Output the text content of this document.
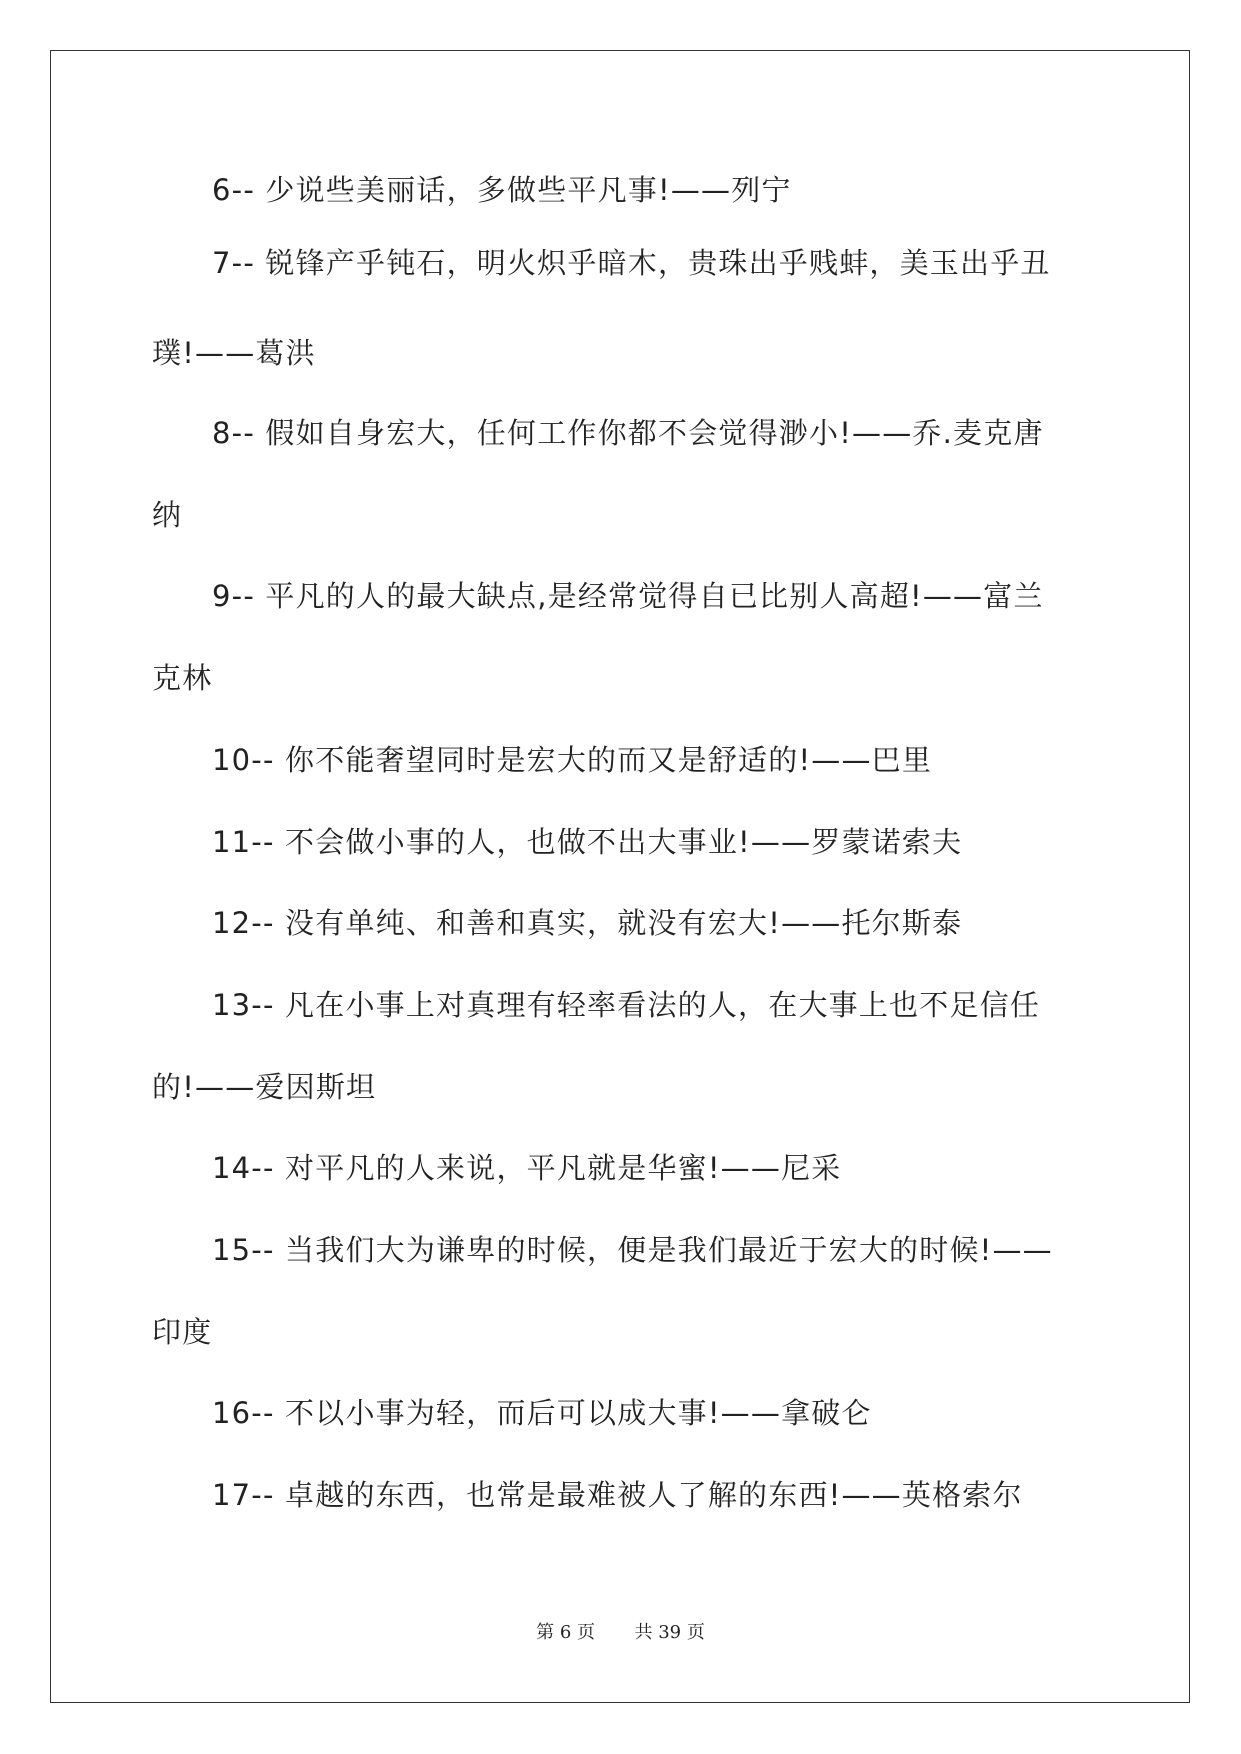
6-- 少说些美丽话，多做些平凡事!——列宁
7-- 锐锋产乎钝石，明火炽乎暗木，贵珠出乎贱蚌，美玉出乎丑
璞!——葛洪
8-- 假如自身宏大，任何工作你都不会觉得渺小!——乔.麦克唐
纳
9-- 平凡的人的最大缺点,是经常觉得自已比别人高超!——富兰
克林
10-- 你不能奢望同时是宏大的而又是舒适的!——巴里
11-- 不会做小事的人，也做不出大事业!——罗蒙诺索夫
12-- 没有单纯、和善和真实，就没有宏大!——托尔斯泰
13-- 凡在小事上对真理有轻率看法的人，在大事上也不足信任
的!——爱因斯坦
14-- 对平凡的人来说，平凡就是华蜜!——尼采
15-- 当我们大为谦卑的时候，便是我们最近于宏大的时候!——
印度
16-- 不以小事为轻，而后可以成大事!——拿破仑
17-- 卓越的东西，也常是最难被人了解的东西!——英格索尔
第 6 页 共 39 页
